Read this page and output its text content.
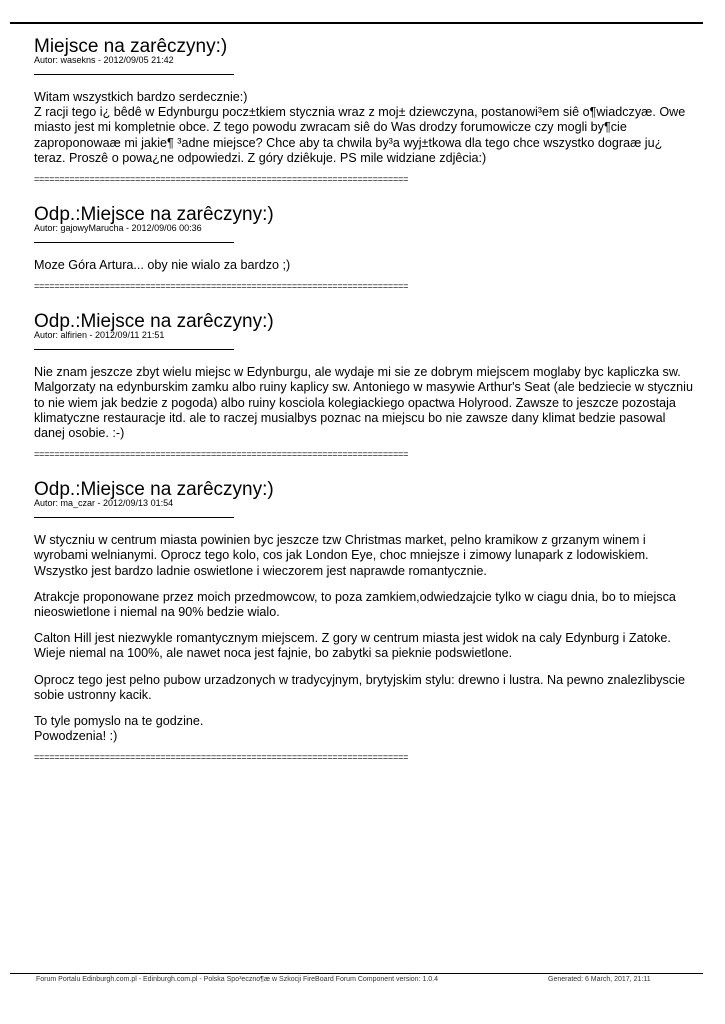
Miejsce na zarêczyny:)
Autor: wasekns - 2012/09/05 21:42

Witam wszystkich bardzo serdecznie:)
Z racji tego i¿ bêdê w Edynburgu pocz±tkiem stycznia wraz z moj± dziewczyna, postanowi³em siê o¶wiadczyæ. Owe miasto jest mi kompletnie obce. Z tego powodu zwracam siê do Was drodzy forumowicze czy mogli by¶cie zaproponowaæ mi jakie¶ ³adne miejsce? Chce aby ta chwila by³a wyj±tkowa dla tego chce wszystko dograæ ju¿ teraz. Proszê o powa¿ne odpowiedzi. Z góry dziêkuje. PS mile widziane zdjêcia:)

==========================================================================
Odp.:Miejsce na zarêczyny:)
Autor: gajowyMarucha - 2012/09/06 00:36

Moze Góra Artura... oby nie wialo za bardzo ;)

==========================================================================
Odp.:Miejsce na zarêczyny:)
Autor: alfirien - 2012/09/11 21:51

Nie znam jeszcze zbyt wielu miejsc w Edynburgu, ale wydaje mi sie ze dobrym miejscem moglaby byc kapliczka sw. Malgorzaty na edynburskim zamku albo ruiny kaplicy sw. Antoniego w masywie Arthur's Seat (ale bedziecie w styczniu to nie wiem jak bedzie z pogoda) albo ruiny kosciola kolegiackiego opactwa Holyrood. Zawsze to jeszcze pozostaja klimatyczne restauracje itd. ale to raczej musialbys poznac na miejscu bo nie zawsze dany klimat bedzie pasowal danej osobie. :-)

==========================================================================
Odp.:Miejsce na zarêczyny:)
Autor: ma_czar - 2012/09/13 01:54

W styczniu w centrum miasta powinien byc jeszcze tzw Christmas market, pelno kramikow z grzanym winem i wyrobami welnianymi. Oprocz tego kolo, cos jak London Eye, choc mniejsze i zimowy lunapark z lodowiskiem. Wszystko jest bardzo ladnie oswietlone i wieczorem jest naprawde romantycznie.

Atrakcje proponowane przez moich przedmowcow, to poza zamkiem,odwiedzajcie tylko w ciagu dnia, bo to miejsca nieoswietlone i niemal na 90% bedzie wialo.

Calton Hill jest niezwykle romantycznym miejscem. Z gory w centrum miasta jest widok na caly Edynburg i Zatoke. Wieje niemal na 100%, ale nawet noca jest fajnie, bo zabytki sa pieknie podswietlone.

Oprocz tego jest pelno pubow urzadzonych w tradycyjnym, brytyjskim stylu: drewno i lustra. Na pewno znalezlibyscie sobie ustronny kacik.

To tyle pomyslo na te godzine.
Powodzenia! :)

==========================================================================
Forum Portalu Edinburgh.com.pl - Edinburgh.com.pl - Polska Spo³eczno¶æ w Szkocji FireBoard Forum Component version: 1.0.4	Generated: 6 March, 2017, 21:11
